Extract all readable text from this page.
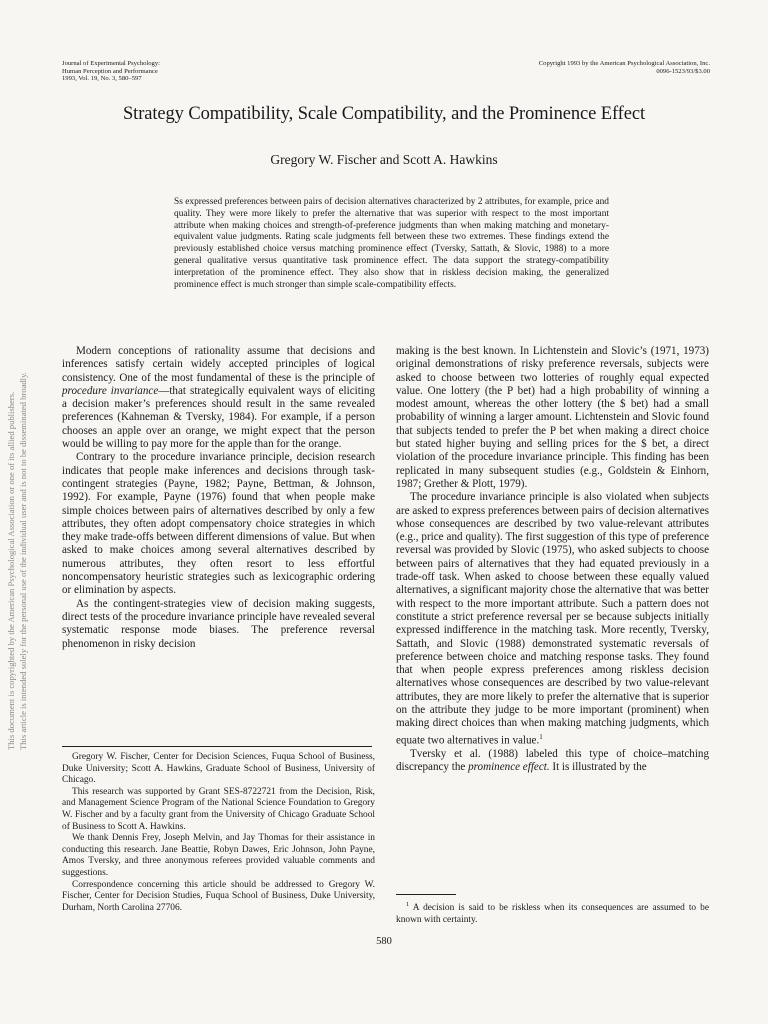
Journal of Experimental Psychology:
Human Perception and Performance
1993, Vol. 19, No. 3, 580–597
Copyright 1993 by the American Psychological Association, Inc.
0096-1523/93/$3.00
Strategy Compatibility, Scale Compatibility, and the Prominence Effect
Gregory W. Fischer and Scott A. Hawkins
Ss expressed preferences between pairs of decision alternatives characterized by 2 attributes, for example, price and quality. They were more likely to prefer the alternative that was superior with respect to the most important attribute when making choices and strength-of-preference judgments than when making matching and monetary-equivalent value judgments. Rating scale judgments fell between these two extremes. These findings extend the previously established choice versus matching prominence effect (Tversky, Sattath, & Slovic, 1988) to a more general qualitative versus quantitative task prominence effect. The data support the strategy-compatibility interpretation of the prominence effect. They also show that in riskless decision making, the generalized prominence effect is much stronger than simple scale-compatibility effects.
This document is copyrighted by the American Psychological Association or one of its allied publishers. This article is intended solely for the personal use of the individual user and is not to be disseminated broadly.

Modern conceptions of rationality assume that decisions and inferences satisfy certain widely accepted principles of logical consistency. One of the most fundamental of these is the principle of procedure invariance—that strategically equivalent ways of eliciting a decision maker’s preferences should result in the same revealed preferences (Kahneman & Tversky, 1984). For example, if a person chooses an apple over an orange, we might expect that the person would be willing to pay more for the apple than for the orange.

Contrary to the procedure invariance principle, decision research indicates that people make inferences and decisions through task-contingent strategies (Payne, 1982; Payne, Bettman, & Johnson, 1992). For example, Payne (1976) found that when people make simple choices between pairs of alternatives described by only a few attributes, they often adopt compensatory choice strategies in which they make trade-offs between different dimensions of value. But when asked to make choices among several alternatives described by numerous attributes, they often resort to less effortful noncompensatory heuristic strategies such as lexicographic ordering or elimination by aspects.

As the contingent-strategies view of decision making suggests, direct tests of the procedure invariance principle have revealed several systematic response mode biases. The preference reversal phenomenon in risky decision

Gregory W. Fischer, Center for Decision Sciences, Fuqua School of Business, Duke University; Scott A. Hawkins, Graduate School of Business, University of Chicago.

This research was supported by Grant SES-8722721 from the Decision, Risk, and Management Science Program of the National Science Foundation to Gregory W. Fischer and by a faculty grant from the University of Chicago Graduate School of Business to Scott A. Hawkins.

We thank Dennis Frey, Joseph Melvin, and Jay Thomas for their assistance in conducting this research. Jane Beattie, Robyn Dawes, Eric Johnson, John Payne, Amos Tversky, and three anonymous referees provided valuable comments and suggestions.

Correspondence concerning this article should be addressed to Gregory W. Fischer, Center for Decision Studies, Fuqua School of Business, Duke University, Durham, North Carolina 27706.

making is the best known. In Lichtenstein and Slovic’s (1971, 1973) original demonstrations of risky preference reversals, subjects were asked to choose between two lotteries of roughly equal expected value. One lottery (the P bet) had a high probability of winning a modest amount, whereas the other lottery (the $ bet) had a small probability of winning a larger amount. Lichtenstein and Slovic found that subjects tended to prefer the P bet when making a direct choice but stated higher buying and selling prices for the $ bet, a direct violation of the procedure invariance principle. This finding has been replicated in many subsequent studies (e.g., Goldstein & Einhorn, 1987; Grether & Plott, 1979).

The procedure invariance principle is also violated when subjects are asked to express preferences between pairs of decision alternatives whose consequences are described by two value-relevant attributes (e.g., price and quality). The first suggestion of this type of preference reversal was provided by Slovic (1975), who asked subjects to choose between pairs of alternatives that they had equated previously in a trade-off task. When asked to choose between these equally valued alternatives, a significant majority chose the alternative that was better with respect to the more important attribute. Such a pattern does not constitute a strict preference reversal per se because subjects initially expressed indifference in the matching task. More recently, Tversky, Sattath, and Slovic (1988) demonstrated systematic reversals of preference between choice and matching response tasks. They found that when people express preferences among riskless decision alternatives whose consequences are described by two value-relevant attributes, they are more likely to prefer the alternative that is superior on the attribute they judge to be more important (prominent) when making direct choices than when making matching judgments, which equate two alternatives in value.$^1$

Tversky et al. (1988) labeled this type of choice–matching discrepancy the prominence effect. It is illustrated by the

$^1$ A decision is said to be riskless when its consequences are assumed to be known with certainty.

580
